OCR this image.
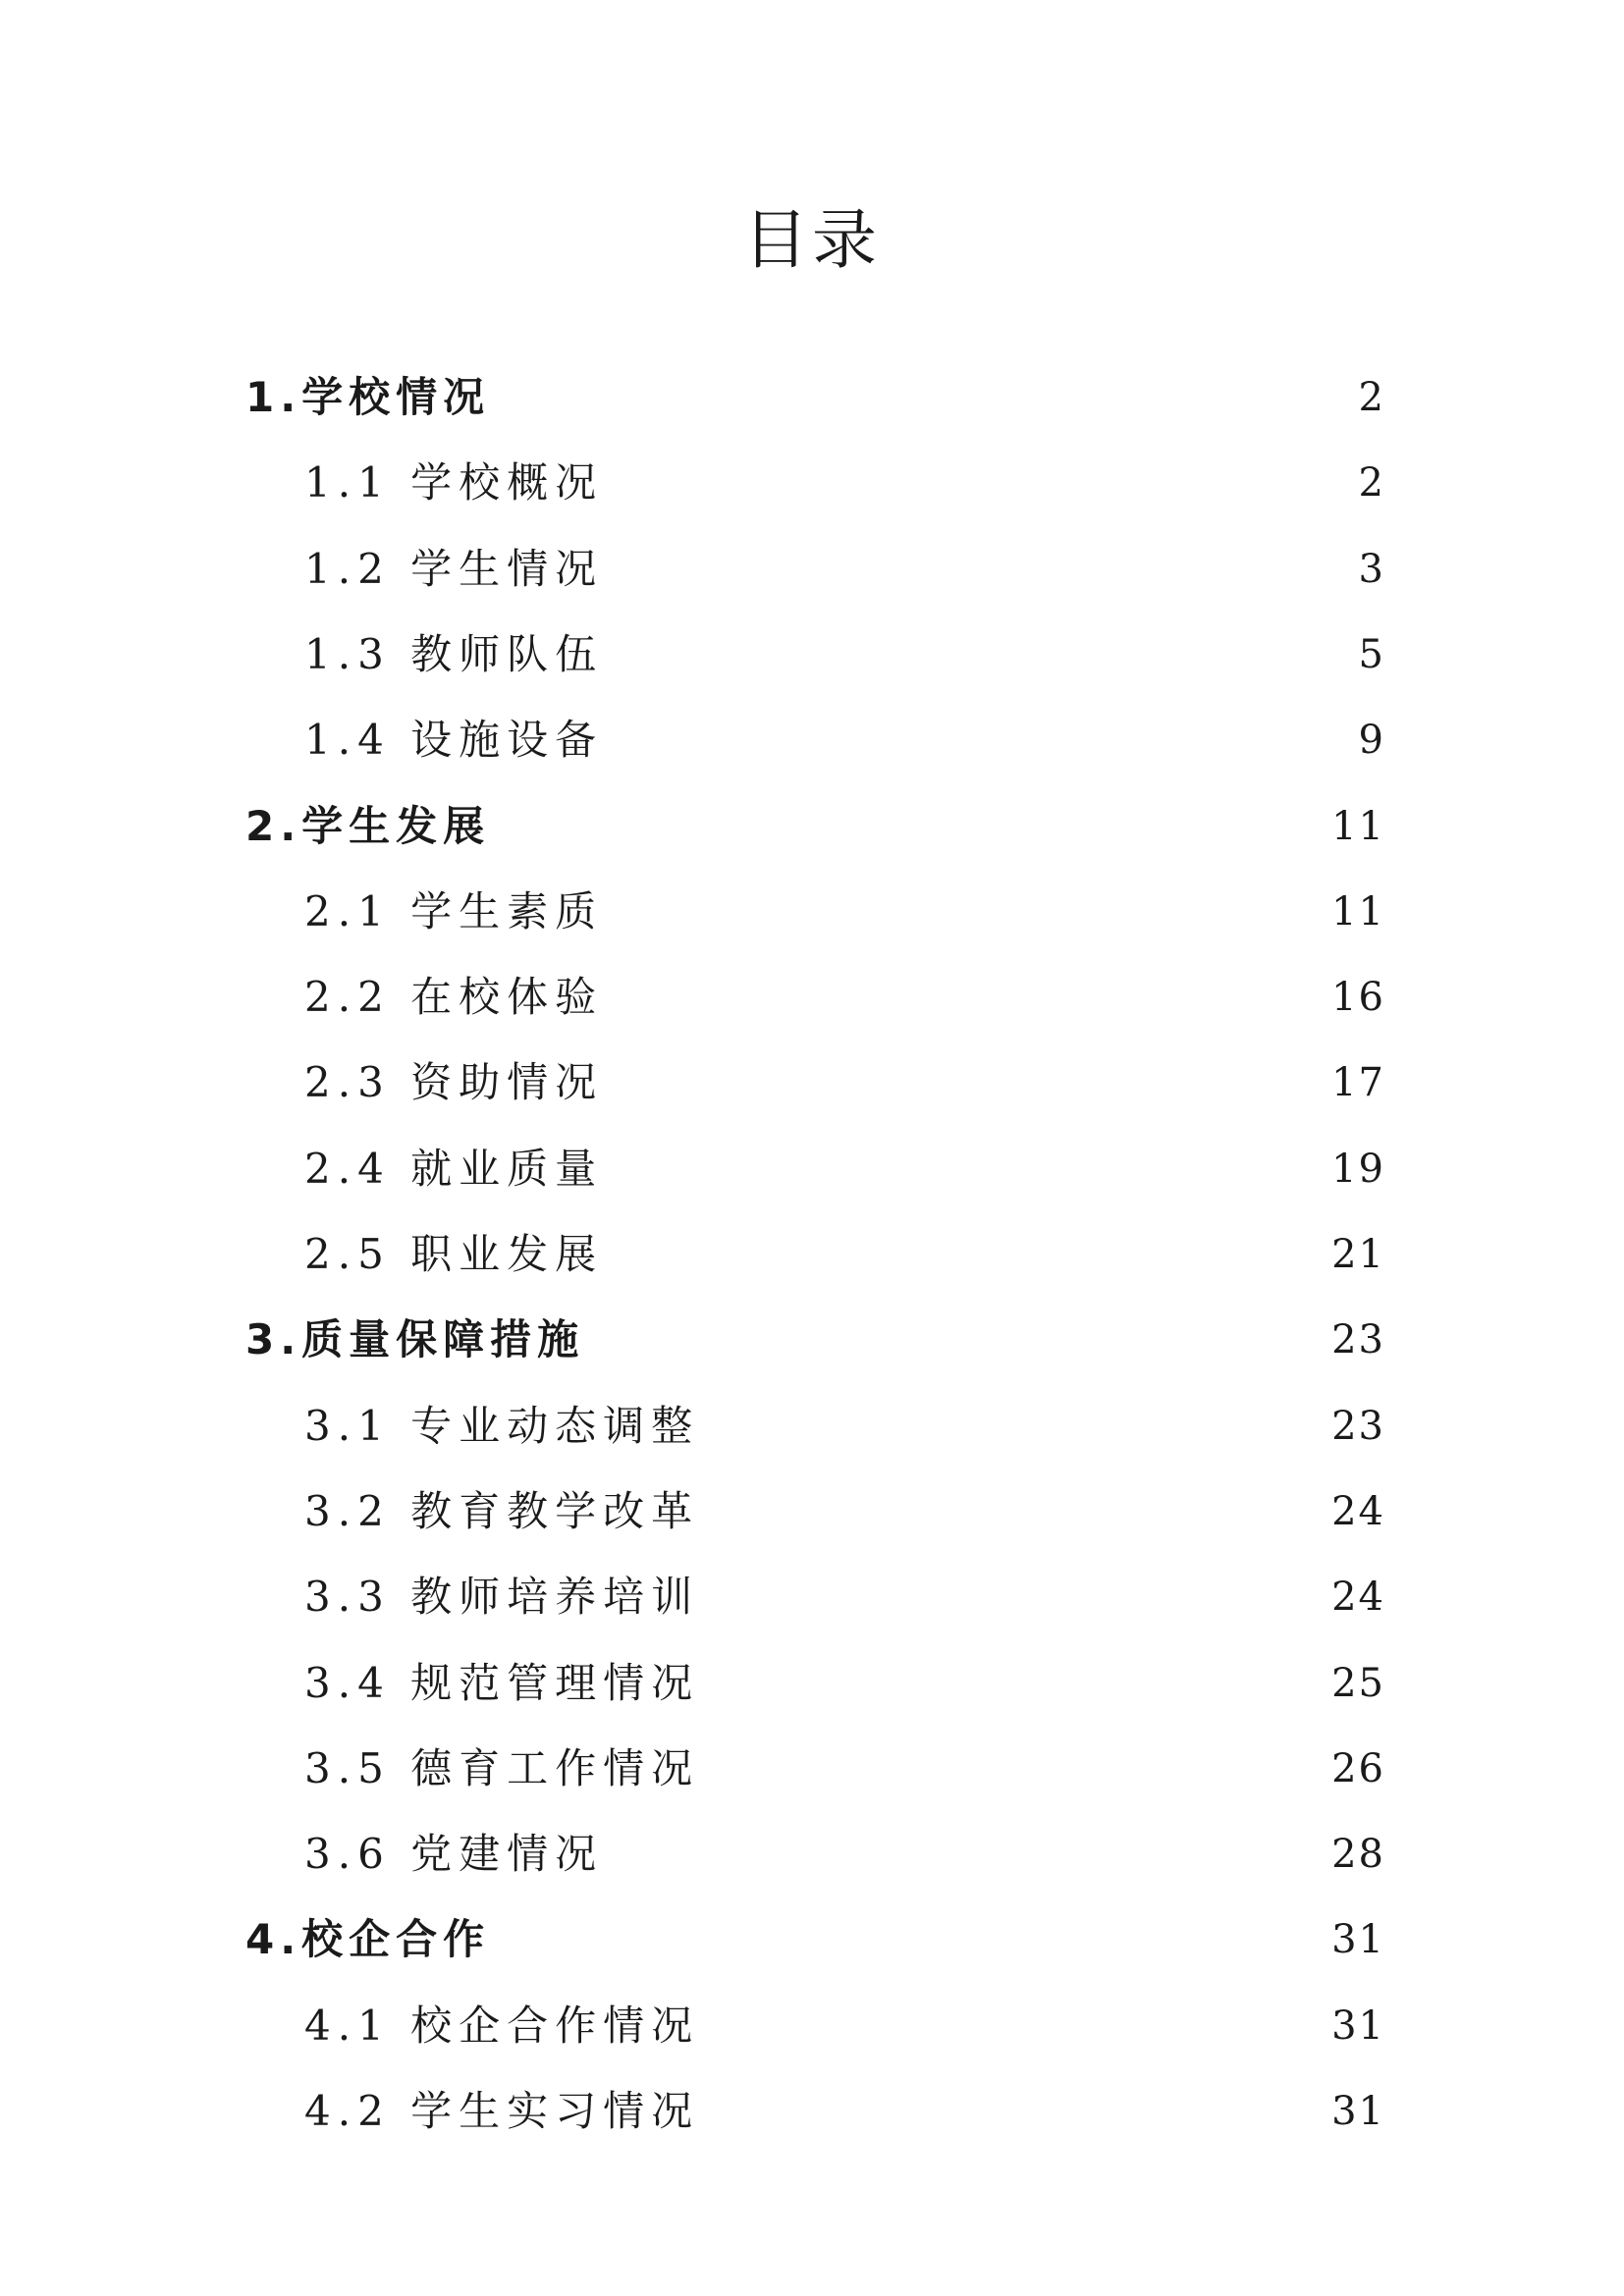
目录
1.学校情况	2
1.1 学校概况	2
1.2 学生情况	3
1.3 教师队伍	5
1.4 设施设备	9
2.学生发展	11
2.1 学生素质	11
2.2 在校体验	16
2.3 资助情况	17
2.4 就业质量	19
2.5 职业发展	21
3.质量保障措施	23
3.1 专业动态调整	23
3.2 教育教学改革	24
3.3 教师培养培训	24
3.4 规范管理情况	25
3.5 德育工作情况	26
3.6 党建情况	28
4.校企合作	31
4.1 校企合作情况	31
4.2 学生实习情况	31
